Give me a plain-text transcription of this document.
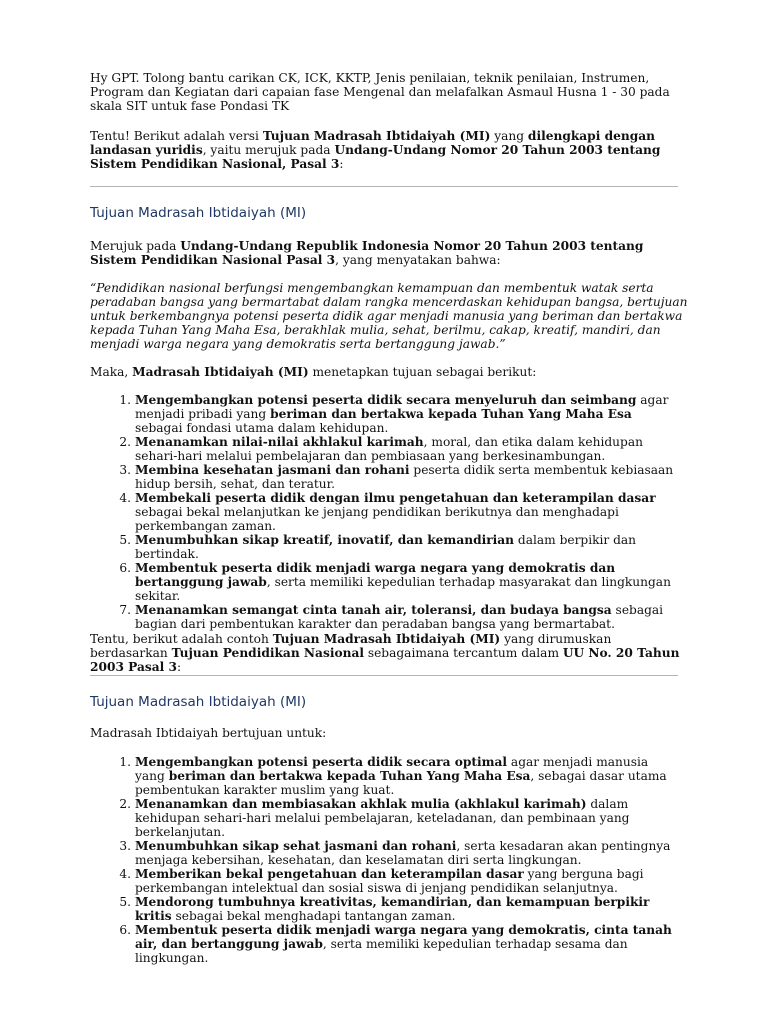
Hy GPT. Tolong bantu carikan CK, ICK, KKTP, Jenis penilaian, teknik penilaian, Instrumen, Program dan Kegiatan dari capaian fase Mengenal dan melafalkan Asmaul Husna 1 - 30 pada skala SIT untuk fase Pondasi TK

Tentu! Berikut adalah versi Tujuan Madrasah Ibtidaiyah (MI) yang dilengkapi dengan landasan yuridis, yaitu merujuk pada Undang-Undang Nomor 20 Tahun 2003 tentang Sistem Pendidikan Nasional, Pasal 3:

Tujuan Madrasah Ibtidaiyah (MI)

Merujuk pada Undang-Undang Republik Indonesia Nomor 20 Tahun 2003 tentang Sistem Pendidikan Nasional Pasal 3, yang menyatakan bahwa:

“Pendidikan nasional berfungsi mengembangkan kemampuan dan membentuk watak serta peradaban bangsa yang bermartabat dalam rangka mencerdaskan kehidupan bangsa, bertujuan untuk berkembangnya potensi peserta didik agar menjadi manusia yang beriman dan bertakwa kepada Tuhan Yang Maha Esa, berakhlak mulia, sehat, berilmu, cakap, kreatif, mandiri, dan menjadi warga negara yang demokratis serta bertanggung jawab.”

Maka, Madrasah Ibtidaiyah (MI) menetapkan tujuan sebagai berikut:

1. Mengembangkan potensi peserta didik secara menyeluruh dan seimbang agar menjadi pribadi yang beriman dan bertakwa kepada Tuhan Yang Maha Esa sebagai fondasi utama dalam kehidupan.
2. Menanamkan nilai-nilai akhlakul karimah, moral, dan etika dalam kehidupan sehari-hari melalui pembelajaran dan pembiasaan yang berkesinambungan.
3. Membina kesehatan jasmani dan rohani peserta didik serta membentuk kebiasaan hidup bersih, sehat, dan teratur.
4. Membekali peserta didik dengan ilmu pengetahuan dan keterampilan dasar sebagai bekal melanjutkan ke jenjang pendidikan berikutnya dan menghadapi perkembangan zaman.
5. Menumbuhkan sikap kreatif, inovatif, dan kemandirian dalam berpikir dan bertindak.
6. Membentuk peserta didik menjadi warga negara yang demokratis dan bertanggung jawab, serta memiliki kepedulian terhadap masyarakat dan lingkungan sekitar.
7. Menanamkan semangat cinta tanah air, toleransi, dan budaya bangsa sebagai bagian dari pembentukan karakter dan peradaban bangsa yang bermartabat.

Tentu, berikut adalah contoh Tujuan Madrasah Ibtidaiyah (MI) yang dirumuskan berdasarkan Tujuan Pendidikan Nasional sebagaimana tercantum dalam UU No. 20 Tahun 2003 Pasal 3:

Tujuan Madrasah Ibtidaiyah (MI)

Madrasah Ibtidaiyah bertujuan untuk:

1. Mengembangkan potensi peserta didik secara optimal agar menjadi manusia yang beriman dan bertakwa kepada Tuhan Yang Maha Esa, sebagai dasar utama pembentukan karakter muslim yang kuat.
2. Menanamkan dan membiasakan akhlak mulia (akhlakul karimah) dalam kehidupan sehari-hari melalui pembelajaran, keteladanan, dan pembinaan yang berkelanjutan.
3. Menumbuhkan sikap sehat jasmani dan rohani, serta kesadaran akan pentingnya menjaga kebersihan, kesehatan, dan keselamatan diri serta lingkungan.
4. Memberikan bekal pengetahuan dan keterampilan dasar yang berguna bagi perkembangan intelektual dan sosial siswa di jenjang pendidikan selanjutnya.
5. Mendorong tumbuhnya kreativitas, kemandirian, dan kemampuan berpikir kritis sebagai bekal menghadapi tantangan zaman.
6. Membentuk peserta didik menjadi warga negara yang demokratis, cinta tanah air, dan bertanggung jawab, serta memiliki kepedulian terhadap sesama dan lingkungan.
